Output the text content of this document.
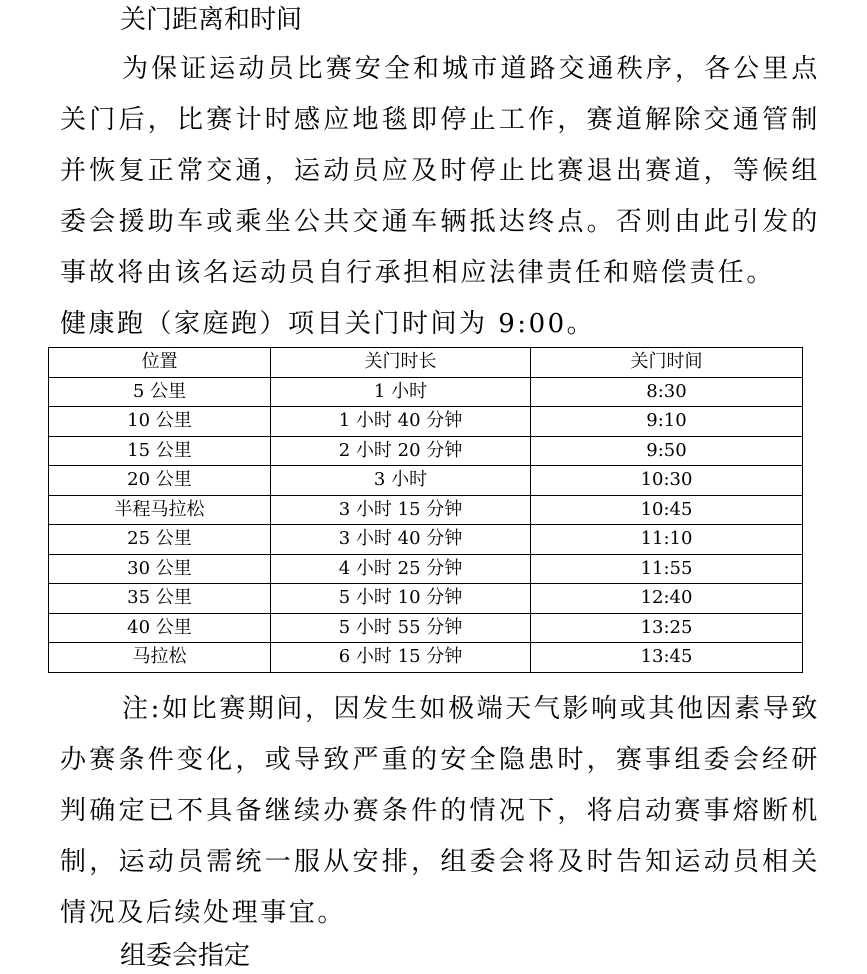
关门距离和时间

为保证运动员比赛安全和城市道路交通秩序，各公里点关门后，比赛计时感应地毯即停止工作，赛道解除交通管制并恢复正常交通，运动员应及时停止比赛退出赛道，等候组委会援助车或乘坐公共交通车辆抵达终点。否则由此引发的事故将由该名运动员自行承担相应法律责任和赔偿责任。

健康跑（家庭跑）项目关门时间为 9:00。
位置	关门时长	关门时间
5 公里	1 小时	8:30
10 公里	1 小时 40 分钟	9:10
15 公里	2 小时 20 分钟	9:50
20 公里	3 小时	10:30
半程马拉松	3 小时 15 分钟	10:45
25 公里	3 小时 40 分钟	11:10
30 公里	4 小时 25 分钟	11:55
35 公里	5 小时 10 分钟	12:40
40 公里	5 小时 55 分钟	13:25
马拉松	6 小时 15 分钟	13:45

注:如比赛期间，因发生如极端天气影响或其他因素导致办赛条件变化，或导致严重的安全隐患时，赛事组委会经研判确定已不具备继续办赛条件的情况下，将启动赛事熔断机制，运动员需统一服从安排，组委会将及时告知运动员相关情况及后续处理事宜。

组委会指定
